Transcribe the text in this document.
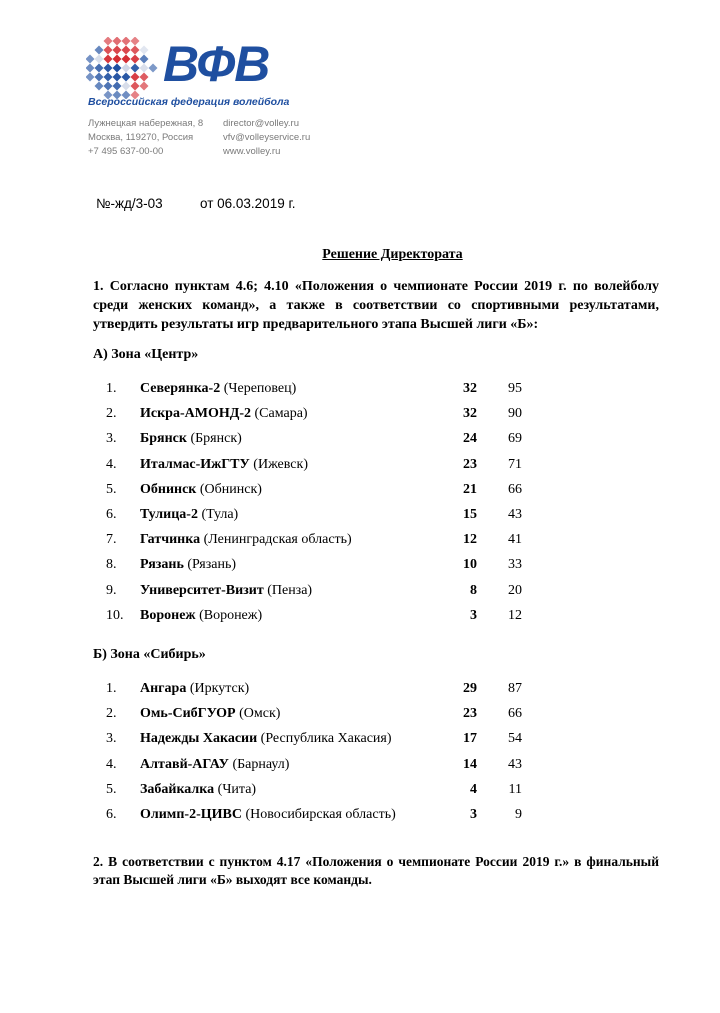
ВФВ
Всероссийская федерация волейбола
Лужнецкая набережная, 8
Москва, 119270, Россия
+7 495 637-00-00
director@volley.ru
vfv@volleyservice.ru
www.volley.ru
№-жд/3-03	от 06.03.2019 г.
Решение Директората
1. Согласно пунктам 4.6; 4.10 «Положения о чемпионате России 2019 г. по волейболу среди женских команд», а также в соответствии со спортивными результатами, утвердить результаты игр предварительного этапа Высшей лиги «Б»:
А) Зона «Центр»
1. Северянка-2 (Череповец)	32	95
2. Искра-АМОНД-2 (Самара)	32	90
3. Брянск (Брянск)	24	69
4. Италмас-ИжГТУ (Ижевск)	23	71
5. Обнинск (Обнинск)	21	66
6. Тулица-2 (Тула)	15	43
7. Гатчинка (Ленинградская область)	12	41
8. Рязань (Рязань)	10	33
9. Университет-Визит (Пенза)	8	20
10. Воронеж (Воронеж)	3	12
Б) Зона «Сибирь»
1. Ангара (Иркутск)	29	87
2. Омь-СибГУОР (Омск)	23	66
3. Надежды Хакасии (Республика Хакасия)	17	54
4. Алтавй-АГАУ (Барнаул)	14	43
5. Забайкалка (Чита)	4	11
6. Олимп-2-ЦИВС (Новосибирская область)	3	9
2. В соответствии с пунктом 4.17 «Положения о чемпионате России 2019 г.» в финальный этап Высшей лиги «Б» выходят все команды.
